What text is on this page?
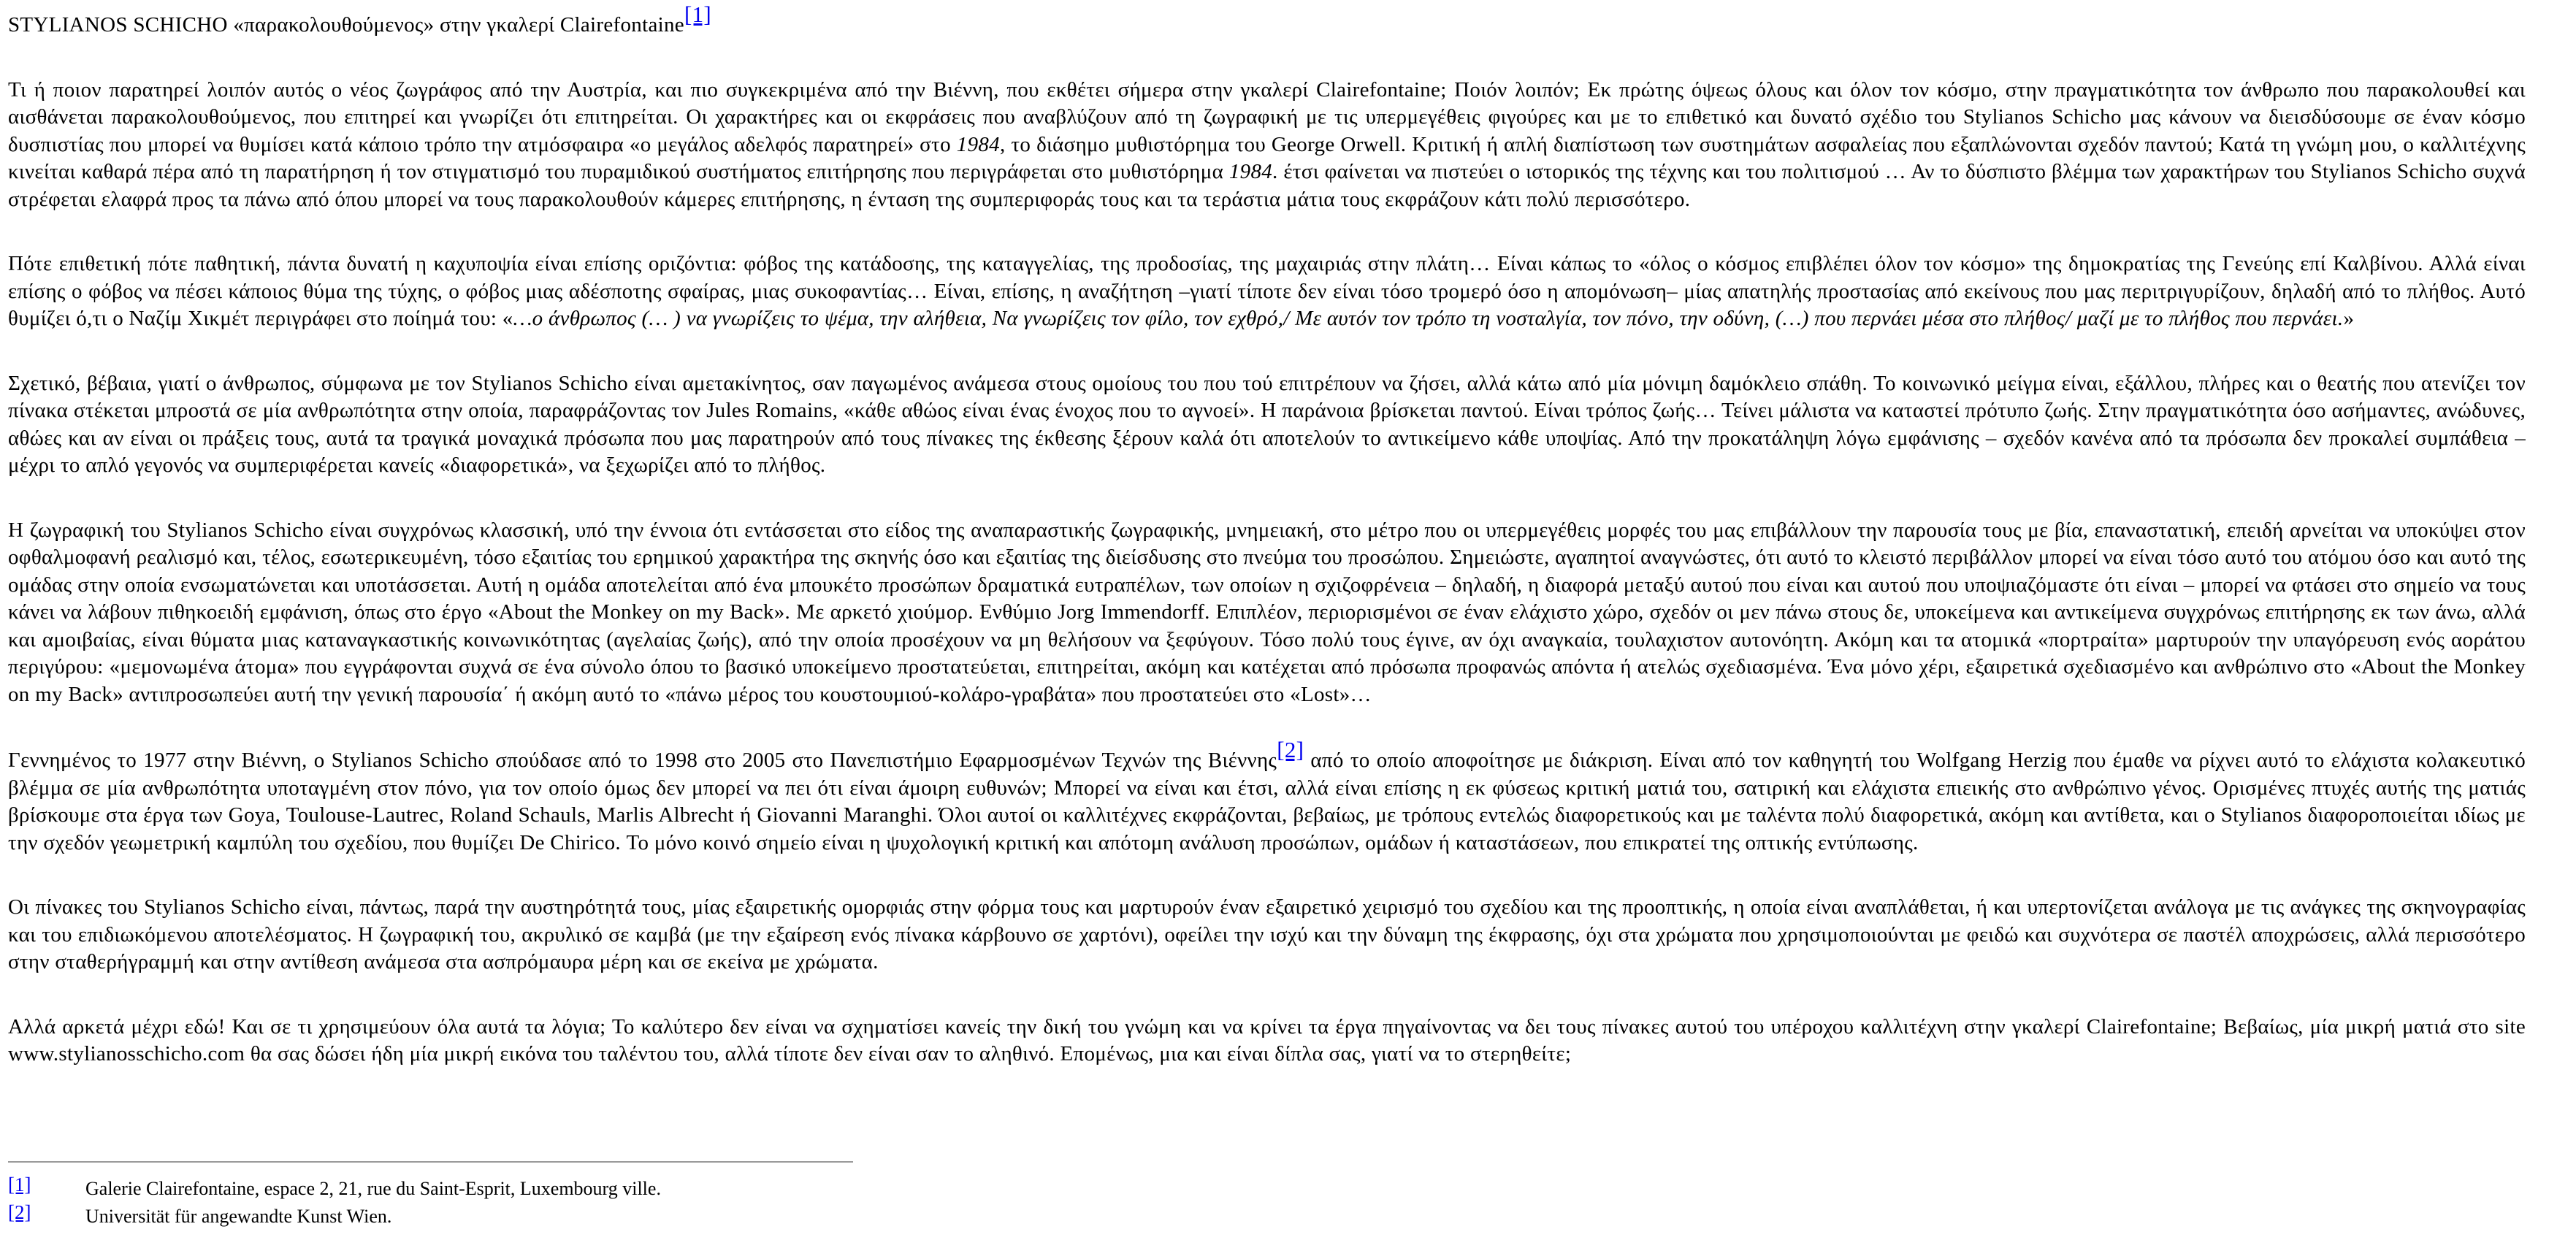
STYLIANOS SCHICHO «παρακολουθούμενος» στην γκαλερί Clairefontaine[1]

Τι ή ποιον παρατηρεί λοιπόν αυτός ο νέος ζωγράφος από την Αυστρία, και πιο συγκεκριμένα από την Βιέννη, που εκθέτει σήμερα στην γκαλερί Clairefontaine; Ποιόν λοιπόν; Εκ πρώτης όψεως όλους και όλον τον κόσμο, στην πραγματικότητα τον άνθρωπο που παρακολουθεί και αισθάνεται παρακολουθούμενος, που επιτηρεί και γνωρίζει ότι επιτηρείται. Οι χαρακτήρες και οι εκφράσεις που αναβλύζουν από τη ζωγραφική με τις υπερμεγέθεις φιγούρες και με το επιθετικό και δυνατό σχέδιο του Stylianos Schicho μας κάνουν να διεισδύσουμε σε έναν κόσμο δυσπιστίας που μπορεί να θυμίσει κατά κάποιο τρόπο την ατμόσφαιρα «ο μεγάλος αδελφός παρατηρεί» στο 1984, το διάσημο μυθιστόρημα του George Orwell. Κριτική ή απλή διαπίστωση των συστημάτων ασφαλείας που εξαπλώνονται σχεδόν παντού; Κατά τη γνώμη μου, ο καλλιτέχνης κινείται καθαρά πέρα από τη παρατήρηση ή τον στιγματισμό του πυραμιδικού συστήματος επιτήρησης που περιγράφεται στο μυθιστόρημα 1984. έτσι φαίνεται να πιστεύει ο ιστορικός της τέχνης και του πολιτισμού … Αν το δύσπιστο βλέμμα των χαρακτήρων του Stylianos Schicho συχνά στρέφεται ελαφρά προς τα πάνω από όπου μπορεί να τους παρακολουθούν κάμερες επιτήρησης, η ένταση της συμπεριφοράς τους και τα τεράστια μάτια τους εκφράζουν κάτι πολύ περισσότερο.

Πότε επιθετική πότε παθητική, πάντα δυνατή η καχυποψία είναι επίσης οριζόντια: φόβος της κατάδοσης, της καταγγελίας, της προδοσίας, της μαχαιριάς στην πλάτη… Είναι κάπως το «όλος ο κόσμος επιβλέπει όλον τον κόσμο» της δημοκρατίας της Γενεύης επί Καλβίνου. Αλλά είναι επίσης ο φόβος να πέσει κάποιος θύμα της τύχης, ο φόβος μιας αδέσποτης σφαίρας, μιας συκοφαντίας… Είναι, επίσης, η αναζήτηση –γιατί τίποτε δεν είναι τόσο τρομερό όσο η απομόνωση– μίας απατηλής προστασίας από εκείνους που μας περιτριγυρίζουν, δηλαδή από το πλήθος. Αυτό θυμίζει ό,τι ο Ναζίμ Χικμέτ περιγράφει στο ποίημά του: «…ο άνθρωπος (… ) να γνωρίζεις το ψέμα, την αλήθεια, Να γνωρίζεις τον φίλο, τον εχθρό,/ Με αυτόν τον τρόπο τη νοσταλγία, τον πόνο, την οδύνη, (…) που περνάει μέσα στο πλήθος/ μαζί με το πλήθος που περνάει.»

Σχετικό, βέβαια, γιατί ο άνθρωπος, σύμφωνα με τον Stylianos Schicho είναι αμετακίνητος, σαν παγωμένος ανάμεσα στους ομοίους του που τού επιτρέπουν να ζήσει, αλλά κάτω από μία μόνιμη δαμόκλειο σπάθη. Το κοινωνικό μείγμα είναι, εξάλλου, πλήρες και ο θεατής που ατενίζει τον πίνακα στέκεται μπροστά σε μία ανθρωπότητα στην οποία, παραφράζοντας τον Jules Romains, «κάθε αθώος είναι ένας ένοχος που το αγνοεί». Η παράνοια βρίσκεται παντού. Είναι τρόπος ζωής… Τείνει μάλιστα να καταστεί πρότυπο ζωής. Στην πραγματικότητα όσο ασήμαντες, ανώδυνες, αθώες και αν είναι οι πράξεις τους, αυτά τα τραγικά μοναχικά πρόσωπα που μας παρατηρούν από τους πίνακες της έκθεσης ξέρουν καλά ότι αποτελούν το αντικείμενο κάθε υποψίας. Από την προκατάληψη λόγω εμφάνισης – σχεδόν κανένα από τα πρόσωπα δεν προκαλεί συμπάθεια – μέχρι το απλό γεγονός να συμπεριφέρεται κανείς «διαφορετικά», να ξεχωρίζει από το πλήθος.

Η ζωγραφική του Stylianos Schicho είναι συγχρόνως κλασσική, υπό την έννοια ότι εντάσσεται στο είδος της αναπαραστικής ζωγραφικής, μνημειακή, στο μέτρο που οι υπερμεγέθεις μορφές του μας επιβάλλουν την παρουσία τους με βία, επαναστατική, επειδή αρνείται να υποκύψει στον οφθαλμοφανή ρεαλισμό και, τέλος, εσωτερικευμένη, τόσο εξαιτίας του ερημικού χαρακτήρα της σκηνής όσο και εξαιτίας της διείσδυσης στο πνεύμα του προσώπου. Σημειώστε, αγαπητοί αναγνώστες, ότι αυτό το κλειστό περιβάλλον μπορεί να είναι τόσο αυτό του ατόμου όσο και αυτό της ομάδας στην οποία ενσωματώνεται και υποτάσσεται. Αυτή η ομάδα αποτελείται από ένα μπουκέτο προσώπων δραματικά ευτραπέλων, των οποίων η σχιζοφρένεια – δηλαδή, η διαφορά μεταξύ αυτού που είναι και αυτού που υποψιαζόμαστε ότι είναι – μπορεί να φτάσει στο σημείο να τους κάνει να λάβουν πιθηκοειδή εμφάνιση, όπως στο έργο «About the Monkey on my Back». Με αρκετό χιούμορ. Ενθύμιο Jorg Immendorff. Επιπλέον, περιορισμένοι σε έναν ελάχιστο χώρο, σχεδόν οι μεν πάνω στους δε, υποκείμενα και αντικείμενα συγχρόνως επιτήρησης εκ των άνω, αλλά και αμοιβαίας, είναι θύματα μιας καταναγκαστικής κοινωνικότητας (αγελαίας ζωής), από την οποία προσέχουν να μη θελήσουν να ξεφύγουν. Τόσο πολύ τους έγινε, αν όχι αναγκαία, τουλαχιστον αυτονόητη. Ακόμη και τα ατομικά «πορτραίτα» μαρτυρούν την υπαγόρευση ενός αοράτου περιγύρου: «μεμονωμένα άτομα» που εγγράφονται συχνά σε ένα σύνολο όπου το βασικό υποκείμενο προστατεύεται, επιτηρείται, ακόμη και κατέχεται από πρόσωπα προφανώς απόντα ή ατελώς σχεδιασμένα. Ένα μόνο χέρι, εξαιρετικά σχεδιασμένο και ανθρώπινο στο «About the Monkey on my Back» αντιπροσωπεύει αυτή την γενική παρουσία΄ ή ακόμη αυτό το «πάνω μέρος του κουστουμιού-κολάρο-γραβάτα» που προστατεύει στο «Lost»…

Γεννημένος το 1977 στην Βιέννη, ο Stylianos Schicho σπούδασε από το 1998 στο 2005 στο Πανεπιστήμιο Εφαρμοσμένων Τεχνών της Βιέννης[2] από το οποίο αποφοίτησε με διάκριση. Είναι από τον καθηγητή του Wolfgang Herzig που έμαθε να ρίχνει αυτό το ελάχιστα κολακευτικό βλέμμα σε μία ανθρωπότητα υποταγμένη στον πόνο, για τον οποίο όμως δεν μπορεί να πει ότι είναι άμοιρη ευθυνών; Μπορεί να είναι και έτσι, αλλά είναι επίσης η εκ φύσεως κριτική ματιά του, σατιρική και ελάχιστα επιεικής στο ανθρώπινο γένος. Ορισμένες πτυχές αυτής της ματιάς βρίσκουμε στα έργα των Goya, Toulouse-Lautrec, Roland Schauls, Marlis Albrecht ή Giovanni Maranghi. Όλοι αυτοί οι καλλιτέχνες εκφράζονται, βεβαίως, με τρόπους εντελώς διαφορετικούς και με ταλέντα πολύ διαφορετικά, ακόμη και αντίθετα, και ο Stylianos διαφοροποιείται ιδίως με την σχεδόν γεωμετρική καμπύλη του σχεδίου, που θυμίζει De Chirico. Το μόνο κοινό σημείο είναι η ψυχολογική κριτική και απότομη ανάλυση προσώπων, ομάδων ή καταστάσεων, που επικρατεί της οπτικής εντύπωσης.

Οι πίνακες του Stylianos Schicho είναι, πάντως, παρά την αυστηρότητά τους, μίας εξαιρετικής ομορφιάς στην φόρμα τους και μαρτυρούν έναν εξαιρετικό χειρισμό του σχεδίου και της προοπτικής, η οποία είναι αναπλάθεται, ή και υπερτονίζεται ανάλογα με τις ανάγκες της σκηνογραφίας και του επιδιωκόμενου αποτελέσματος. Η ζωγραφική του, ακρυλικό σε καμβά (με την εξαίρεση ενός πίνακα κάρβουνο σε χαρτόνι), οφείλει την ισχύ και την δύναμη της έκφρασης, όχι στα χρώματα που χρησιμοποιούνται με φειδώ και συχνότερα σε παστέλ αποχρώσεις, αλλά περισσότερο στην σταθερήγραμμή και στην αντίθεση ανάμεσα στα ασπρόμαυρα μέρη και σε εκείνα με χρώματα.

Αλλά αρκετά μέχρι εδώ! Και σε τι χρησιμεύουν όλα αυτά τα λόγια; Το καλύτερο δεν είναι να σχηματίσει κανείς την δική του γνώμη και να κρίνει τα έργα πηγαίνοντας να δει τους πίνακες αυτού του υπέροχου καλλιτέχνη στην γκαλερί Clairefontaine; Βεβαίως, μία μικρή ματιά στο site www.stylianosschicho.com θα σας δώσει ήδη μία μικρή εικόνα του ταλέντου του, αλλά τίποτε δεν είναι σαν το αληθινό. Επομένως, μια και είναι δίπλα σας, γιατί να το στερηθείτε;

[1]	Galerie Clairefontaine, espace 2, 21, rue du Saint-Esprit, Luxembourg ville.
[2]	Universität für angewandte Kunst Wien.
